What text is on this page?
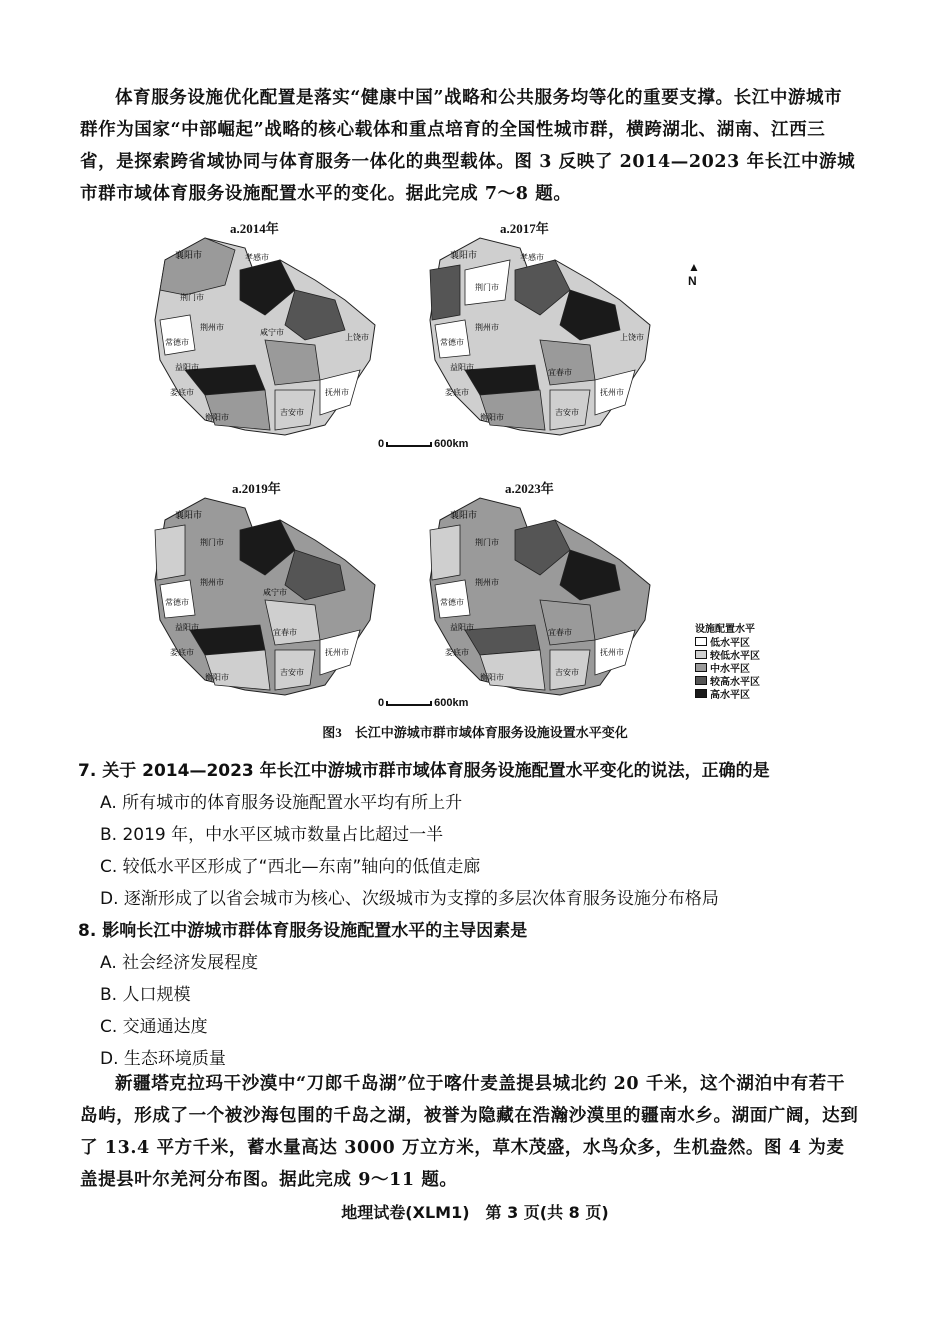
体育服务设施优化配置是落实“健康中国”战略和公共服务均等化的重要支撑。长江中游城市群作为国家“中部崛起”战略的核心载体和重点培育的全国性城市群，横跨湖北、湖南、江西三省，是探索跨省域协同与体育服务一体化的典型载体。图 3 反映了 2014—2023 年长江中游城市群市域体育服务设施配置水平的变化。据此完成 7～8 题。
a.2014年	a.2017年
a.2019年	a.2023年
襄阳市	孝感市
荆门市
荆州市
咸宁市
常德市
益阳市
娄底市
衡阳市
吉安市
抚州市
上饶市
0	600km
襄阳市	孝感市
荆门市
荆州市
常德市
益阳市
娄底市
衡阳市
宜春市
吉安市
抚州市
上饶市
▲
N
襄阳市
荆门市
荆州市
咸宁市
常德市
益阳市
娄底市
衡阳市
宜春市
吉安市
抚州市
0	600km
襄阳市
荆门市
荆州市
常德市
益阳市
娄底市
衡阳市
宜春市
吉安市
抚州市
设施配置水平
低水平区
较低水平区
中水平区
较高水平区
高水平区
图3　长江中游城市群市域体育服务设施设置水平变化
7. 关于 2014—2023 年长江中游城市群市域体育服务设施配置水平变化的说法，正确的是
A. 所有城市的体育服务设施配置水平均有所上升
B. 2019 年，中水平区城市数量占比超过一半
C. 较低水平区形成了“西北—东南”轴向的低值走廊
D. 逐渐形成了以省会城市为核心、次级城市为支撑的多层次体育服务设施分布格局
8. 影响长江中游城市群体育服务设施配置水平的主导因素是
A. 社会经济发展程度
B. 人口规模
C. 交通通达度
D. 生态环境质量
新疆塔克拉玛干沙漠中“刀郎千岛湖”位于喀什麦盖提县城北约 20 千米，这个湖泊中有若干岛屿，形成了一个被沙海包围的千岛之湖，被誉为隐藏在浩瀚沙漠里的疆南水乡。湖面广阔，达到了 13.4 平方千米，蓄水量高达 3000 万立方米，草木茂盛，水鸟众多，生机盎然。图 4 为麦盖提县叶尔羌河分布图。据此完成 9～11 题。
地理试卷(XLM1)　第 3 页(共 8 页)
